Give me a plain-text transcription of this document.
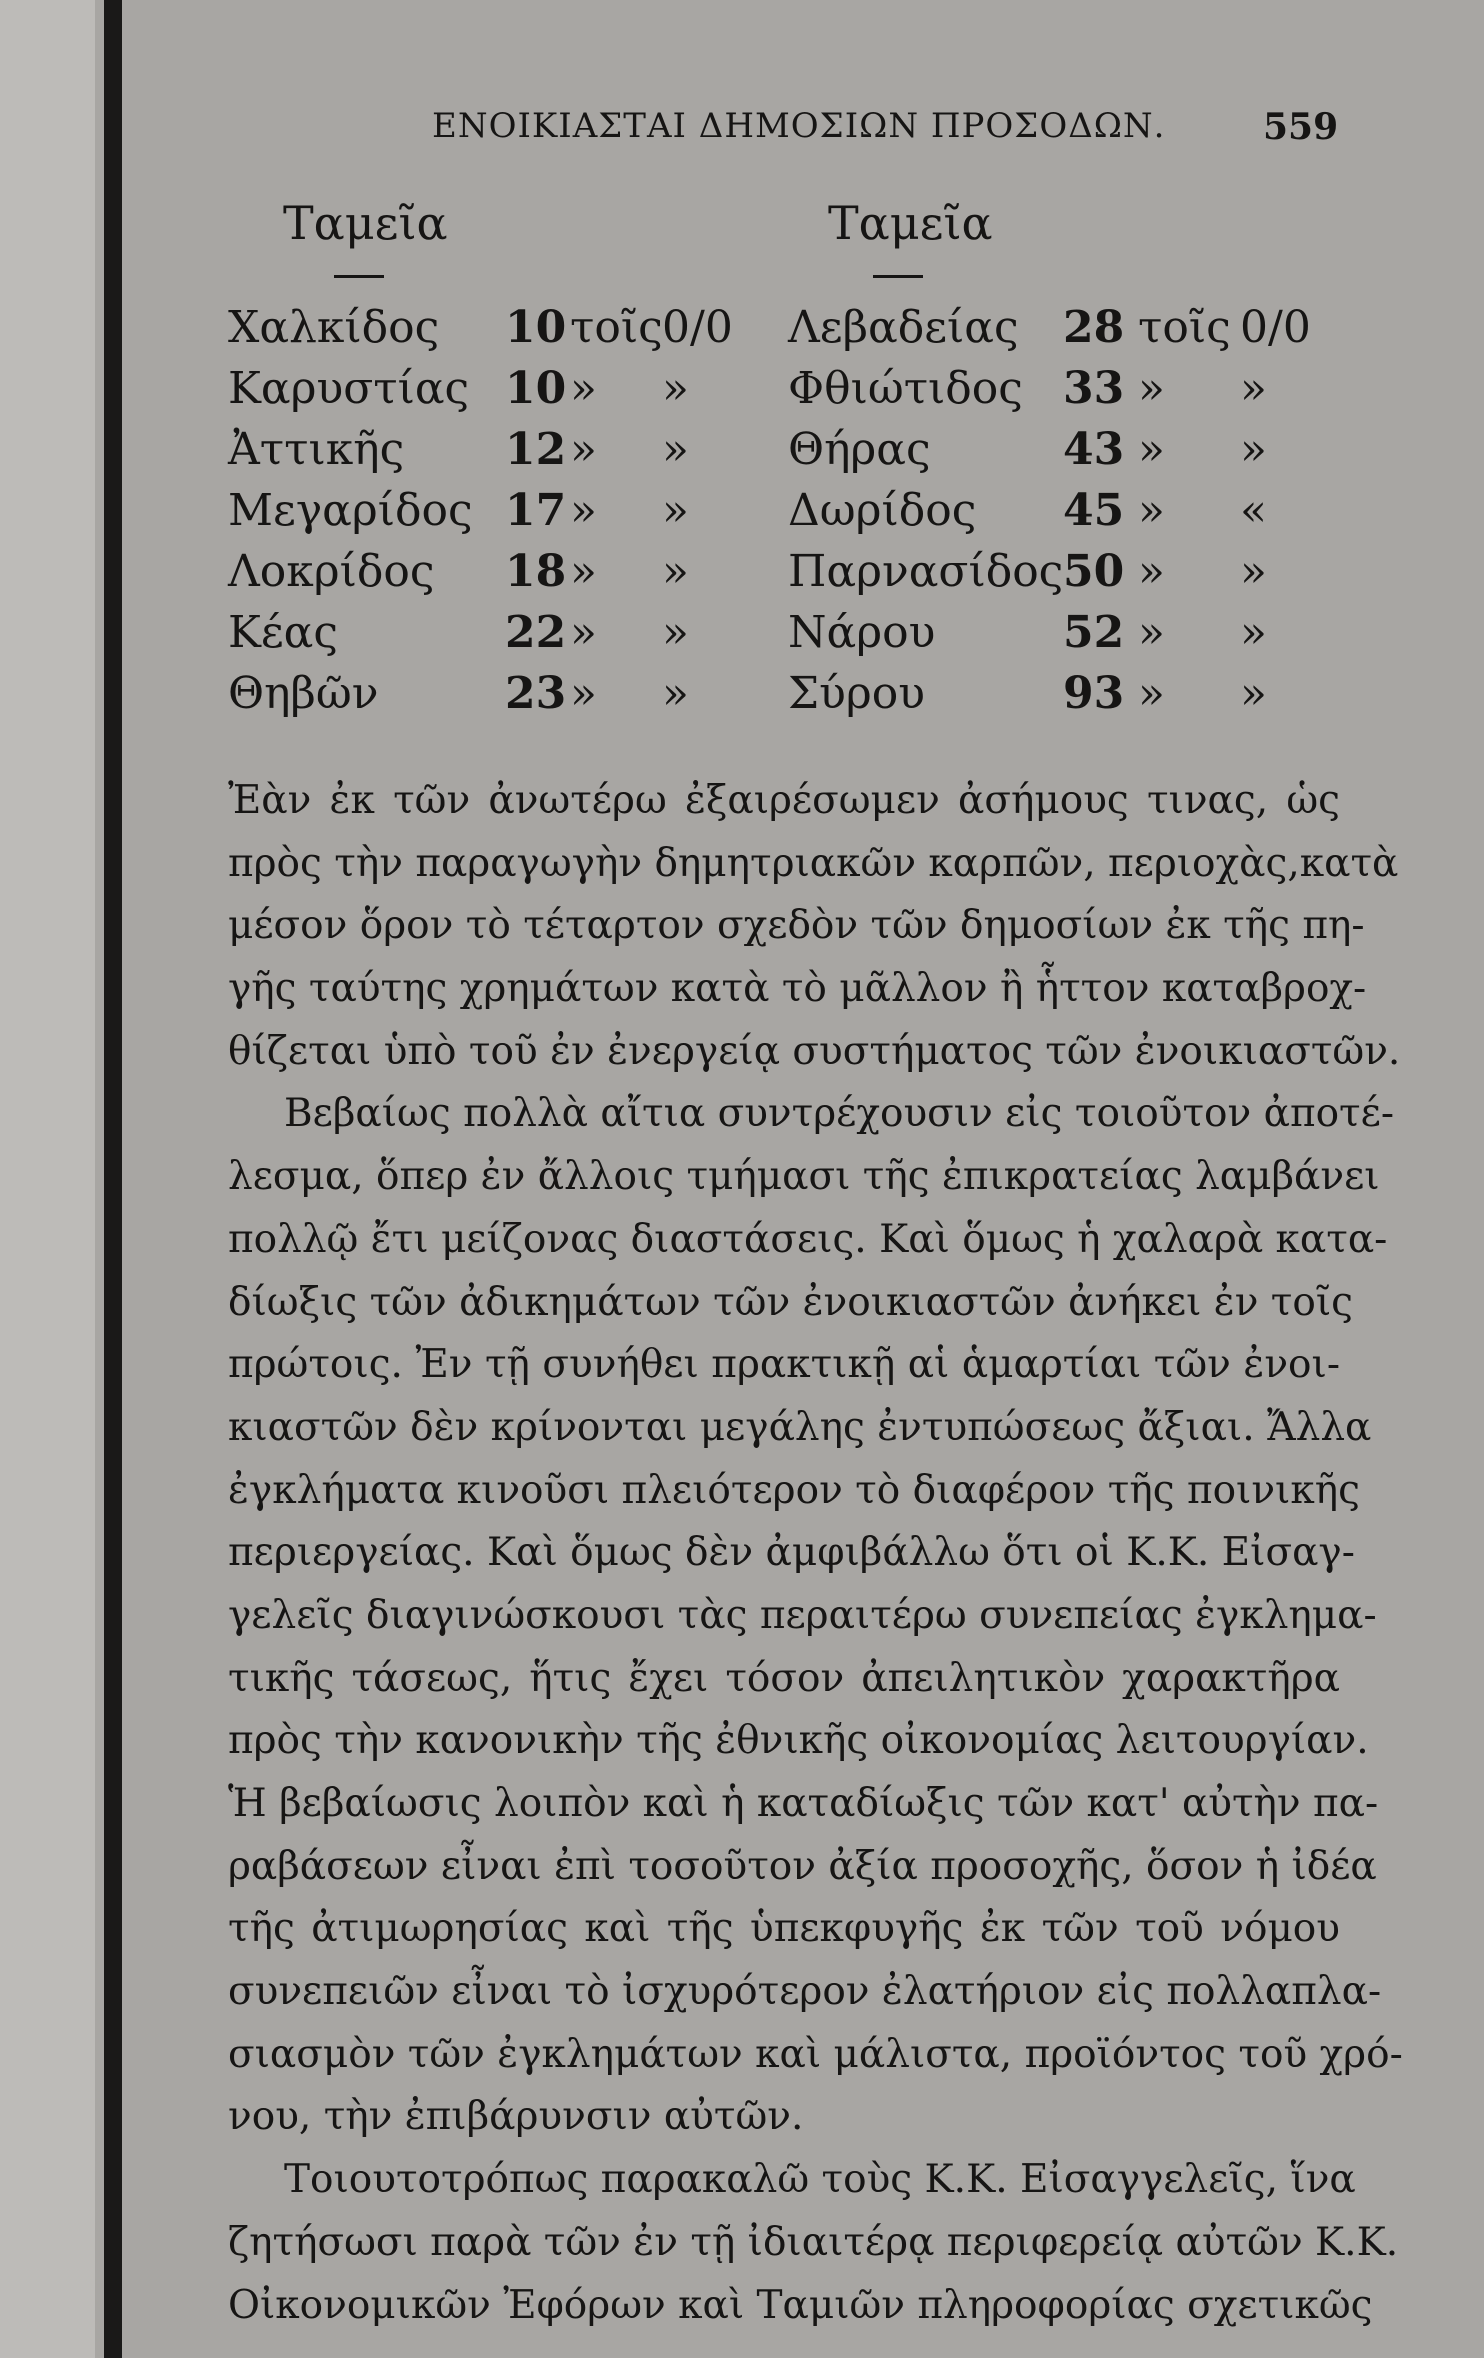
ΕΝΟΙΚΙΑΣΤΑΙ ΔΗΜΟΣΙΩΝ ΠΡΟΣΟΔΩΝ.	559
Ταμεῖα	Ταμεῖα
Χαλκίδος 10 τοῖς 0/0
Καρυστίας 10 » »
Ἀττικῆς 12 » »
Μεγαρίδος 17 » »
Λοκρίδος 18 » »
Κέας	22 » »
Θηβῶν	23 » »
Λεβαδείας 28 τοῖς 0/0
Φθιώτιδος 33 » »
Θήρας	43 » »
Δωρίδος 45 » «
Παρνασίδος 50 » »
Νάρου	52 » »
Σύρου	93 » »
Ἐὰν ἐκ τῶν ἀνωτέρω ἐξαιρέσωμεν ἀσήμους τινας, ὡς
πρὸς τὴν παραγωγὴν δημητριακῶν καρπῶν, περιοχὰς,κατὰ
μέσον ὅρον τὸ τέταρτον σχεδὸν τῶν δημοσίων ἐκ τῆς πη-
γῆς ταύτης χρημάτων κατὰ τὸ μᾶλλον ἢ ἧττον καταβροχ-
θίζεται ὑπὸ τοῦ ἐν ἐνεργείᾳ συστήματος τῶν ἐνοικιαστῶν.
Βεβαίως πολλὰ αἴτια συντρέχουσιν εἰς τοιοῦτον ἀποτέ-
λεσμα, ὅπερ ἐν ἄλλοις τμήμασι τῆς ἐπικρατείας λαμβάνει
πολλῷ ἔτι μείζονας διαστάσεις. Καὶ ὅμως ἡ χαλαρὰ κατα-
δίωξις τῶν ἀδικημάτων τῶν ἐνοικιαστῶν ἀνήκει ἐν τοῖς
πρώτοις. Ἐν τῇ συνήθει πρακτικῇ αἱ ἁμαρτίαι τῶν ἐνοι-
κιαστῶν δὲν κρίνονται μεγάλης ἐντυπώσεως ἄξιαι. Ἄλλα
ἐγκλήματα κινοῦσι πλειότερον τὸ διαφέρον τῆς ποινικῆς
περιεργείας. Καὶ ὅμως δὲν ἀμφιβάλλω ὅτι οἱ Κ.Κ. Εἰσαγ-
γελεῖς διαγινώσκουσι τὰς περαιτέρω συνεπείας ἐγκλημα-
τικῆς τάσεως, ἥτις ἔχει τόσον ἀπειλητικὸν χαρακτῆρα
πρὸς τὴν κανονικὴν τῆς ἐθνικῆς οἰκονομίας λειτουργίαν.
Ἡ βεβαίωσις λοιπὸν καὶ ἡ καταδίωξις τῶν κατ' αὐτὴν πα-
ραβάσεων εἶναι ἐπὶ τοσοῦτον ἀξία προσοχῆς, ὅσον ἡ ἰδέα
τῆς ἀτιμωρησίας καὶ τῆς ὑπεκφυγῆς ἐκ τῶν τοῦ νόμου
συνεπειῶν εἶναι τὸ ἰσχυρότερον ἐλατήριον εἰς πολλαπλα-
σιασμὸν τῶν ἐγκλημάτων καὶ μάλιστα, προϊόντος τοῦ χρό-
νου, τὴν ἐπιβάρυνσιν αὐτῶν.
Τοιουτοτρόπως παρακαλῶ τοὺς Κ.Κ. Εἰσαγγελεῖς, ἵνα
ζητήσωσι παρὰ τῶν ἐν τῇ ἰδιαιτέρᾳ περιφερείᾳ αὐτῶν Κ.Κ.
Οἰκονομικῶν Ἐφόρων καὶ Ταμιῶν πληροφορίας σχετικῶς
